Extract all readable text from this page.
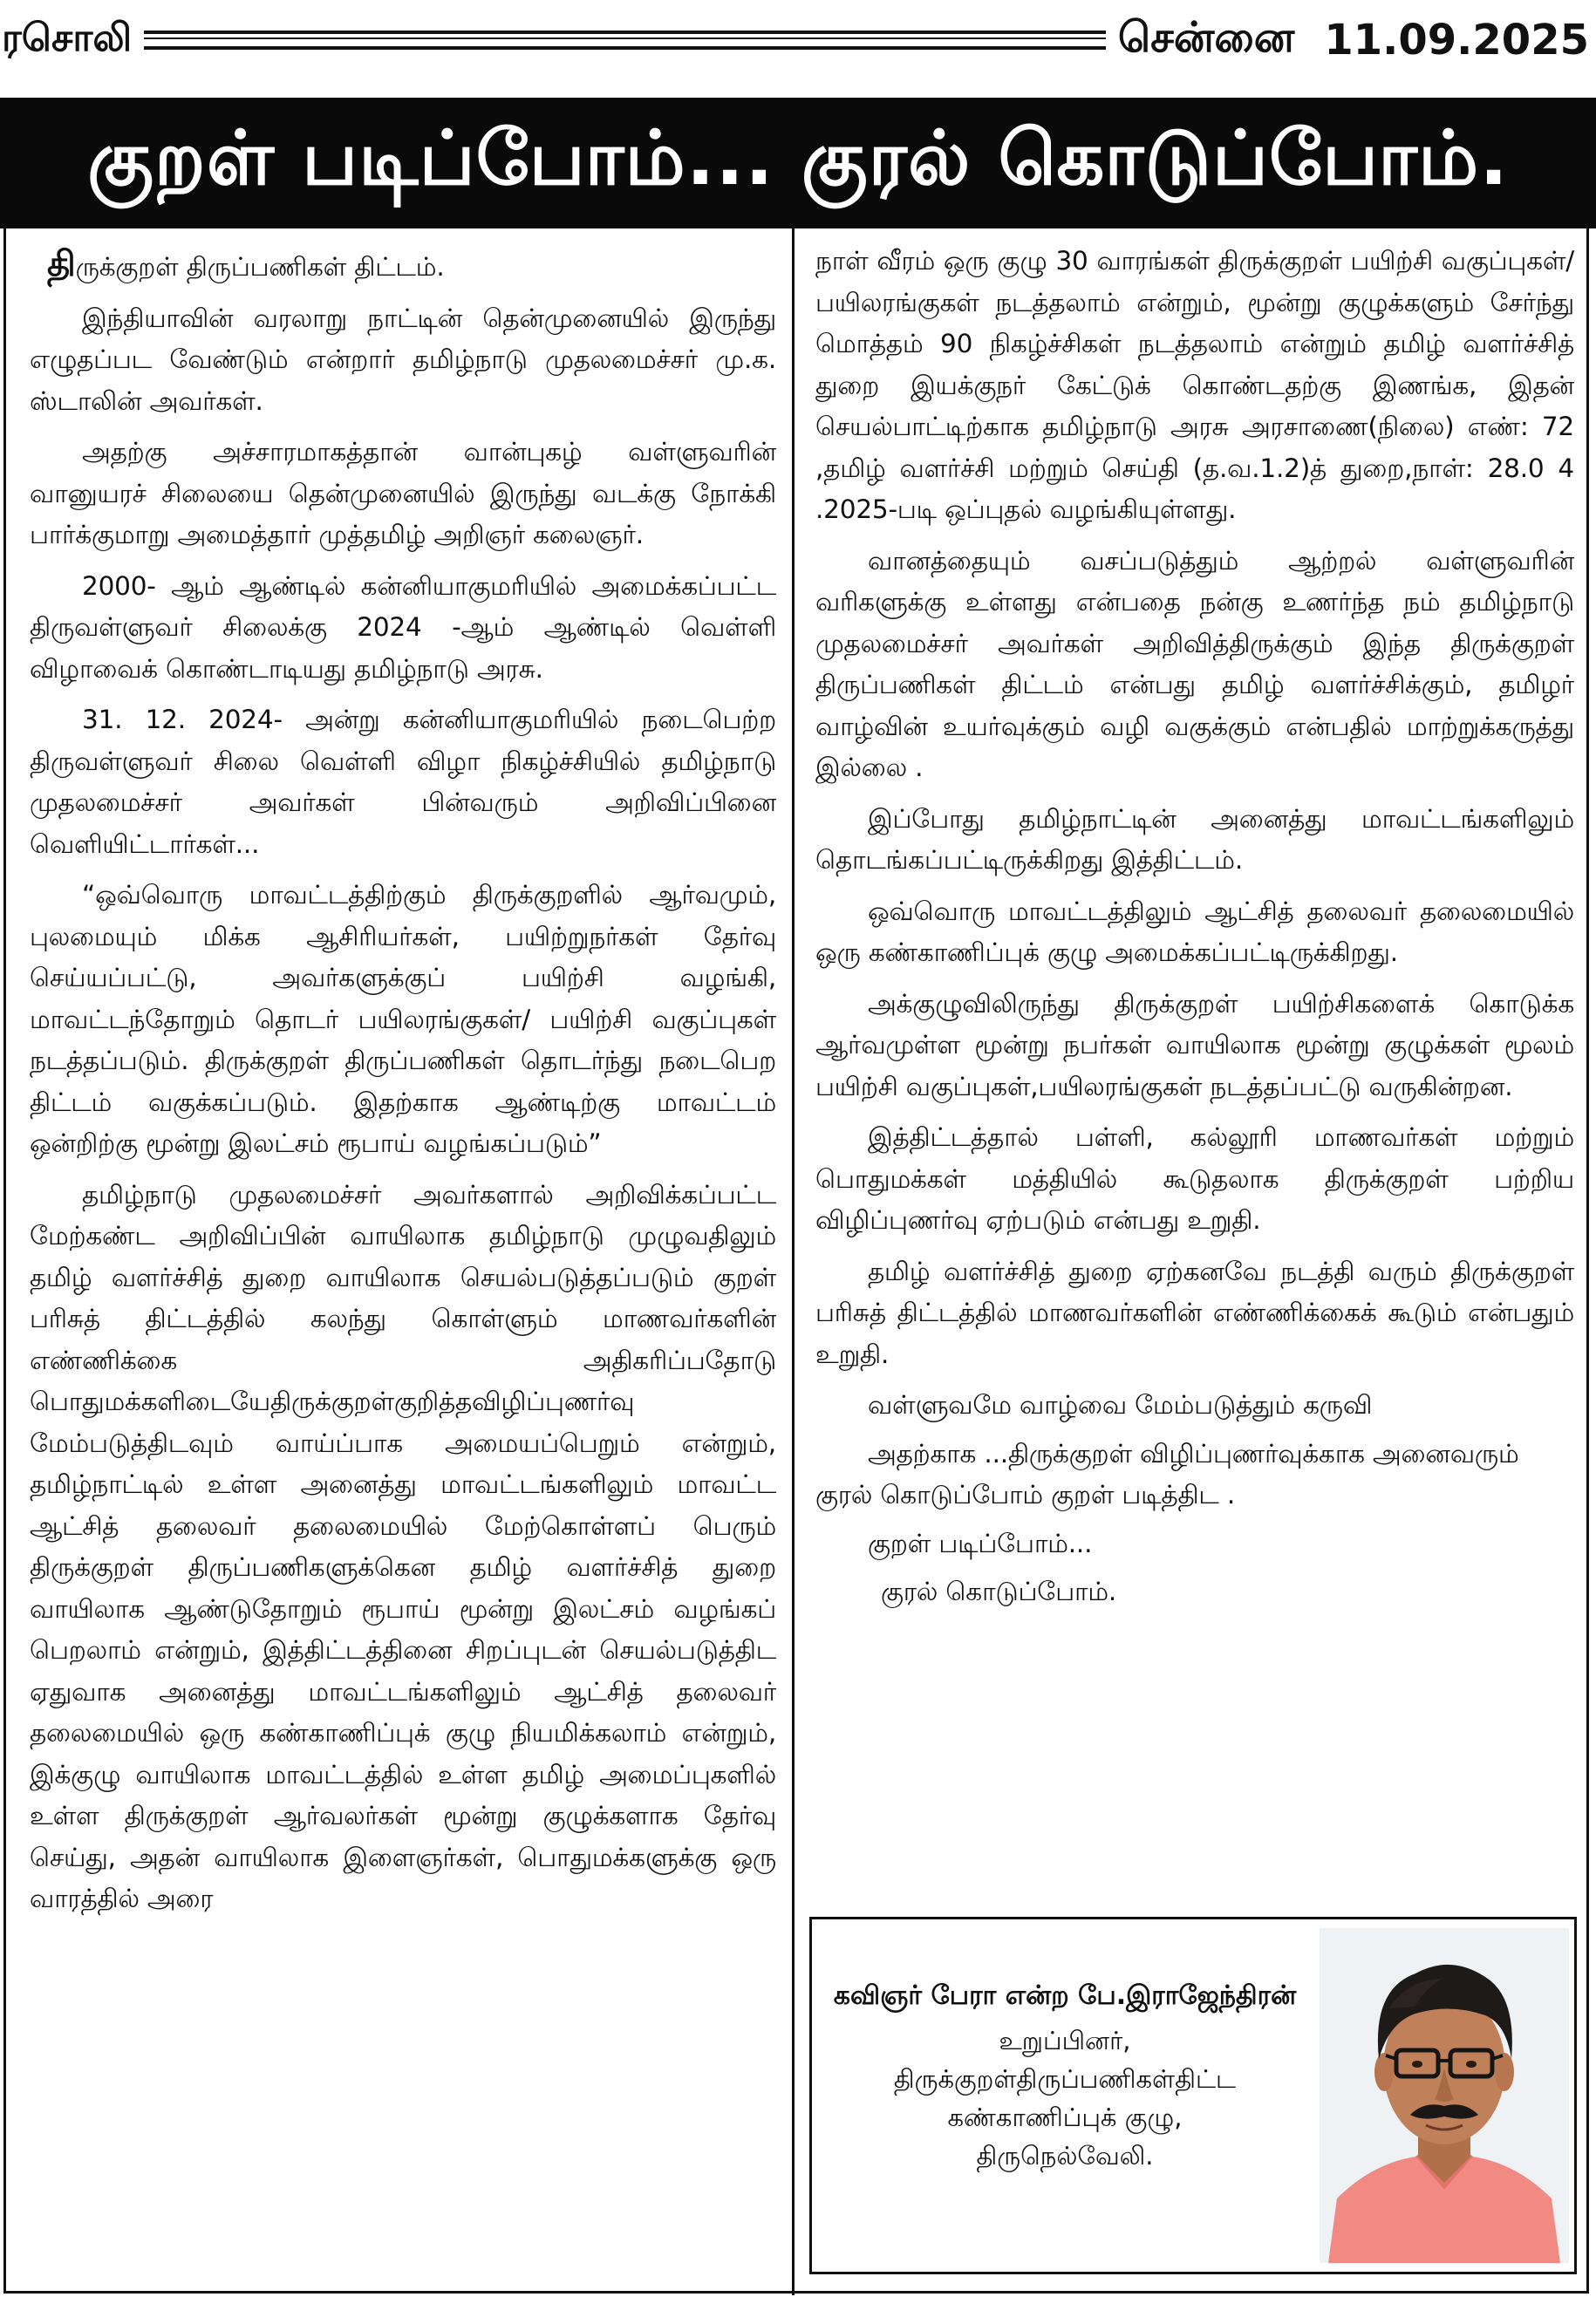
ரசொலி	சென்னை 11.09.2025
குறள் படிப்போம்... குரல் கொடுப்போம்.

திருக்குறள் திருப்பணிகள் திட்டம்.

இந்தியாவின் வரலாறு நாட்டின் தென்முனையில் இருந்து எழுதப்பட வேண்டும் என்றார் தமிழ்நாடு முதலமைச்சர் மு.க. ஸ்டாலின் அவர்கள்.

அதற்கு அச்சாரமாகத்தான் வான்புகழ் வள்ளுவரின் வானுயரச் சிலையை தென்முனையில் இருந்து வடக்கு நோக்கி பார்க்குமாறு அமைத்தார் முத்தமிழ் அறிஞர் கலைஞர்.

2000- ஆம் ஆண்டில் கன்னியாகுமரியில் அமைக்கப்பட்ட திருவள்ளுவர் சிலைக்கு 2024 -ஆம் ஆண்டில் வெள்ளி விழாவைக் கொண்டாடியது தமிழ்நாடு அரசு.

31. 12. 2024- அன்று கன்னியாகுமரியில் நடைபெற்ற திருவள்ளுவர் சிலை வெள்ளி விழா நிகழ்ச்சியில் தமிழ்நாடு முதலமைச்சர் அவர்கள் பின்வரும் அறிவிப்பினை வெளியிட்டார்கள்...

“ஒவ்வொரு மாவட்டத்திற்கும் திருக்குறளில் ஆர்வமும், புலமையும் மிக்க ஆசிரியர்கள், பயிற்றுநர்கள் தேர்வு செய்யப்பட்டு, அவர்களுக்குப் பயிற்சி வழங்கி, மாவட்டந்தோறும் தொடர் பயிலரங்குகள்/ பயிற்சி வகுப்புகள் நடத்தப்படும். திருக்குறள் திருப்பணிகள் தொடர்ந்து நடைபெற திட்டம் வகுக்கப்படும். இதற்காக ஆண்டிற்கு மாவட்டம் ஒன்றிற்கு மூன்று இலட்சம் ரூபாய் வழங்கப்படும்”

தமிழ்நாடு முதலமைச்சர் அவர்களால் அறிவிக்கப்பட்ட மேற்கண்ட அறிவிப்பின் வாயிலாக தமிழ்நாடு முழுவதிலும் தமிழ் வளர்ச்சித் துறை வாயிலாக செயல்படுத்தப்படும் குறள் பரிசுத் திட்டத்தில் கலந்து கொள்ளும் மாணவர்களின் எண்ணிக்கை அதிகரிப்பதோடு பொதுமக்களிடையேதிருக்குறள்குறித்தவிழிப்புணர்வு மேம்படுத்திடவும் வாய்ப்பாக அமையப்பெறும் என்றும், தமிழ்நாட்டில் உள்ள அனைத்து மாவட்டங்களிலும் மாவட்ட ஆட்சித் தலைவர் தலைமையில் மேற்கொள்ளப் பெரும் திருக்குறள் திருப்பணிகளுக்கென தமிழ் வளர்ச்சித் துறை வாயிலாக ஆண்டுதோறும் ரூபாய் மூன்று இலட்சம் வழங்கப் பெறலாம் என்றும், இத்திட்டத்தினை சிறப்புடன் செயல்படுத்திட ஏதுவாக அனைத்து மாவட்டங்களிலும் ஆட்சித் தலைவர் தலைமையில் ஒரு கண்காணிப்புக் குழு நியமிக்கலாம் என்றும், இக்குழு வாயிலாக மாவட்டத்தில் உள்ள தமிழ் அமைப்புகளில் உள்ள திருக்குறள் ஆர்வலர்கள் மூன்று குழுக்களாக தேர்வு செய்து, அதன் வாயிலாக இளைஞர்கள், பொதுமக்களுக்கு ஒரு வாரத்தில் அரை

நாள் வீரம் ஒரு குழு 30 வாரங்கள் திருக்குறள் பயிற்சி வகுப்புகள்/ பயிலரங்குகள் நடத்தலாம் என்றும், மூன்று குழுக்களும் சேர்ந்து மொத்தம் 90 நிகழ்ச்சிகள் நடத்தலாம் என்றும் தமிழ் வளர்ச்சித் துறை இயக்குநர் கேட்டுக் கொண்டதற்கு இணங்க, இதன் செயல்பாட்டிற்காக தமிழ்நாடு அரசு அரசாணை(நிலை) எண்: 72 ,தமிழ் வளர்ச்சி மற்றும் செய்தி (த.வ.1.2)த் துறை,நாள்: 28.0 4 .2025-படி ஒப்புதல் வழங்கியுள்ளது.

வானத்தையும் வசப்படுத்தும் ஆற்றல் வள்ளுவரின் வரிகளுக்கு உள்ளது என்பதை நன்கு உணர்ந்த நம் தமிழ்நாடு முதலமைச்சர் அவர்கள் அறிவித்திருக்கும் இந்த திருக்குறள் திருப்பணிகள் திட்டம் என்பது தமிழ் வளர்ச்சிக்கும், தமிழர் வாழ்வின் உயர்வுக்கும் வழி வகுக்கும் என்பதில் மாற்றுக்கருத்து இல்லை .

இப்போது தமிழ்நாட்டின் அனைத்து மாவட்டங்களிலும் தொடங்கப்பட்டிருக்கிறது இத்திட்டம்.

ஒவ்வொரு மாவட்டத்திலும் ஆட்சித் தலைவர் தலைமையில் ஒரு கண்காணிப்புக் குழு அமைக்கப்பட்டிருக்கிறது.

அக்குழுவிலிருந்து திருக்குறள் பயிற்சிகளைக் கொடுக்க ஆர்வமுள்ள மூன்று நபர்கள் வாயிலாக மூன்று குழுக்கள் மூலம் பயிற்சி வகுப்புகள்,பயிலரங்குகள் நடத்தப்பட்டு வருகின்றன.

இத்திட்டத்தால் பள்ளி, கல்லூரி மாணவர்கள் மற்றும் பொதுமக்கள் மத்தியில் கூடுதலாக திருக்குறள் பற்றிய விழிப்புணர்வு ஏற்படும் என்பது உறுதி.

தமிழ் வளர்ச்சித் துறை ஏற்கனவே நடத்தி வரும் திருக்குறள் பரிசுத் திட்டத்தில் மாணவர்களின் எண்ணிக்கைக் கூடும் என்பதும் உறுதி.

வள்ளுவமே வாழ்வை மேம்படுத்தும் கருவி

அதற்காக ...திருக்குறள் விழிப்புணர்வுக்காக அனைவரும் குரல் கொடுப்போம் குறள் படித்திட .

குறள் படிப்போம்...

குரல் கொடுப்போம்.

கவிஞர் பேரா என்ற பே.இராஜேந்திரன்
உறுப்பினர்,
திருக்குறள்திருப்பணிகள்திட்ட
கண்காணிப்புக் குழு,
திருநெல்வேலி.
